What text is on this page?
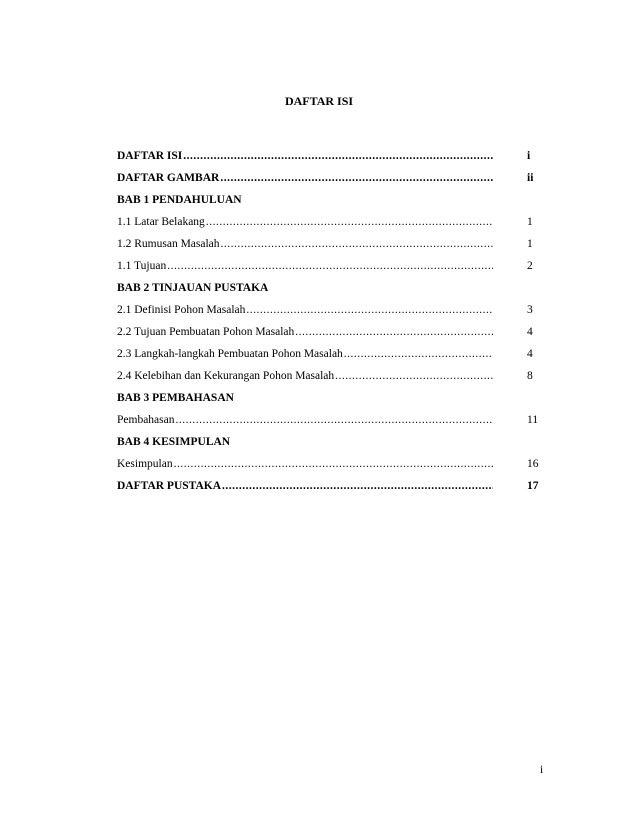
DAFTAR ISI
DAFTAR ISI .....	i
DAFTAR GAMBAR .....	ii
BAB 1 PENDAHULUAN
1.1 Latar Belakang .....	1
1.2 Rumusan Masalah .....	1
1.1 Tujuan .....	2
BAB 2 TINJAUAN PUSTAKA
2.1 Definisi Pohon Masalah .....	3
2.2 Tujuan Pembuatan Pohon Masalah .....	4
2.3 Langkah-langkah Pembuatan Pohon Masalah .....	4
2.4 Kelebihan dan Kekurangan Pohon Masalah .....	8
BAB 3 PEMBAHASAN
Pembahasan .....	11
BAB 4 KESIMPULAN
Kesimpulan .....	16
DAFTAR PUSTAKA .....	17
i
